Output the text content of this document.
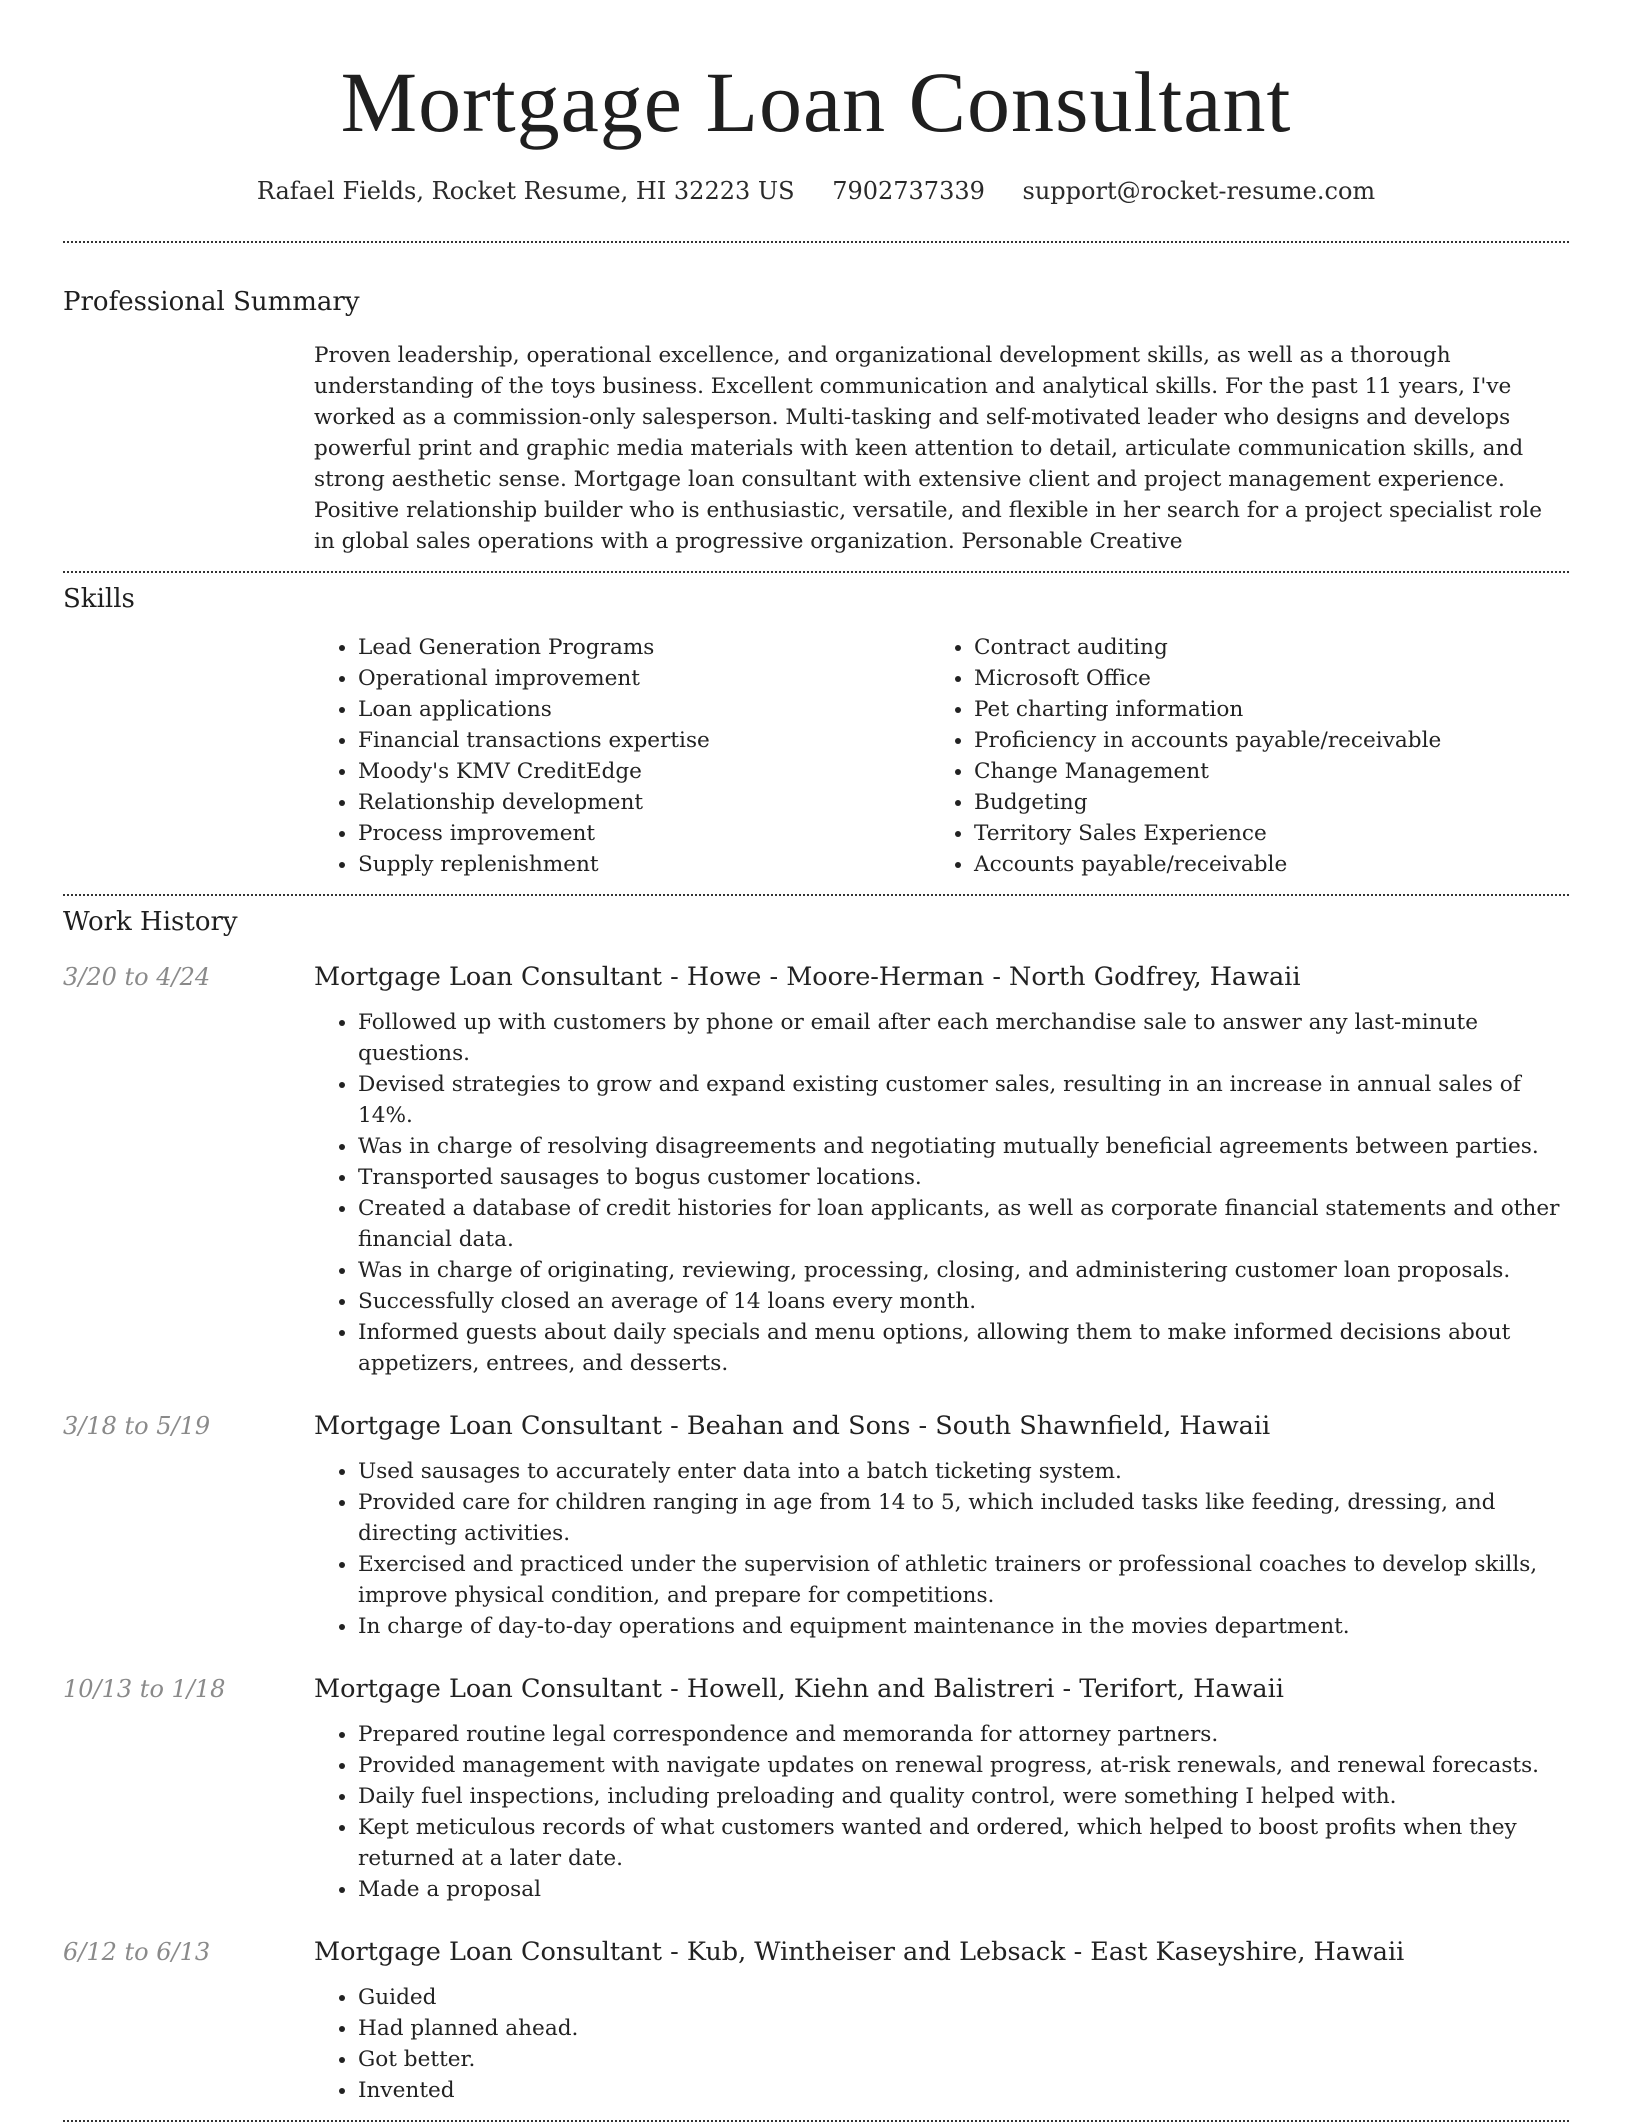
Mortgage Loan Consultant
Rafael Fields, Rocket Resume, HI 32223 US 7902737339 support@rocket-resume.com
Professional Summary

Proven leadership, operational excellence, and organizational development skills, as well as a thorough understanding of the toys business. Excellent communication and analytical skills. For the past 11 years, I've worked as a commission-only salesperson. Multi-tasking and self-motivated leader who designs and develops powerful print and graphic media materials with keen attention to detail, articulate communication skills, and strong aesthetic sense. Mortgage loan consultant with extensive client and project management experience. Positive relationship builder who is enthusiastic, versatile, and flexible in her search for a project specialist role in global sales operations with a progressive organization. Personable Creative

Skills
• Lead Generation Programs
• Operational improvement
• Loan applications
• Financial transactions expertise
• Moody's KMV CreditEdge
• Relationship development
• Process improvement
• Supply replenishment
• Contract auditing
• Microsoft Office
• Pet charting information
• Proficiency in accounts payable/receivable
• Change Management
• Budgeting
• Territory Sales Experience
• Accounts payable/receivable
Work History
3/20 to 4/24	Mortgage Loan Consultant - Howe - Moore-Herman - North Godfrey, Hawaii
• Followed up with customers by phone or email after each merchandise sale to answer any last-minute questions.
• Devised strategies to grow and expand existing customer sales, resulting in an increase in annual sales of 14%.
• Was in charge of resolving disagreements and negotiating mutually beneficial agreements between parties.
• Transported sausages to bogus customer locations.
• Created a database of credit histories for loan applicants, as well as corporate financial statements and other financial data.
• Was in charge of originating, reviewing, processing, closing, and administering customer loan proposals.
• Successfully closed an average of 14 loans every month.
• Informed guests about daily specials and menu options, allowing them to make informed decisions about appetizers, entrees, and desserts.
3/18 to 5/19	Mortgage Loan Consultant - Beahan and Sons - South Shawnfield, Hawaii
• Used sausages to accurately enter data into a batch ticketing system.
• Provided care for children ranging in age from 14 to 5, which included tasks like feeding, dressing, and directing activities.
• Exercised and practiced under the supervision of athletic trainers or professional coaches to develop skills, improve physical condition, and prepare for competitions.
• In charge of day-to-day operations and equipment maintenance in the movies department.
10/13 to 1/18	Mortgage Loan Consultant - Howell, Kiehn and Balistreri - Terifort, Hawaii
• Prepared routine legal correspondence and memoranda for attorney partners.
• Provided management with navigate updates on renewal progress, at-risk renewals, and renewal forecasts.
• Daily fuel inspections, including preloading and quality control, were something I helped with.
• Kept meticulous records of what customers wanted and ordered, which helped to boost profits when they returned at a later date.
• Made a proposal
6/12 to 6/13	Mortgage Loan Consultant - Kub, Wintheiser and Lebsack - East Kaseyshire, Hawaii
• Guided
• Had planned ahead.
• Got better.
• Invented
